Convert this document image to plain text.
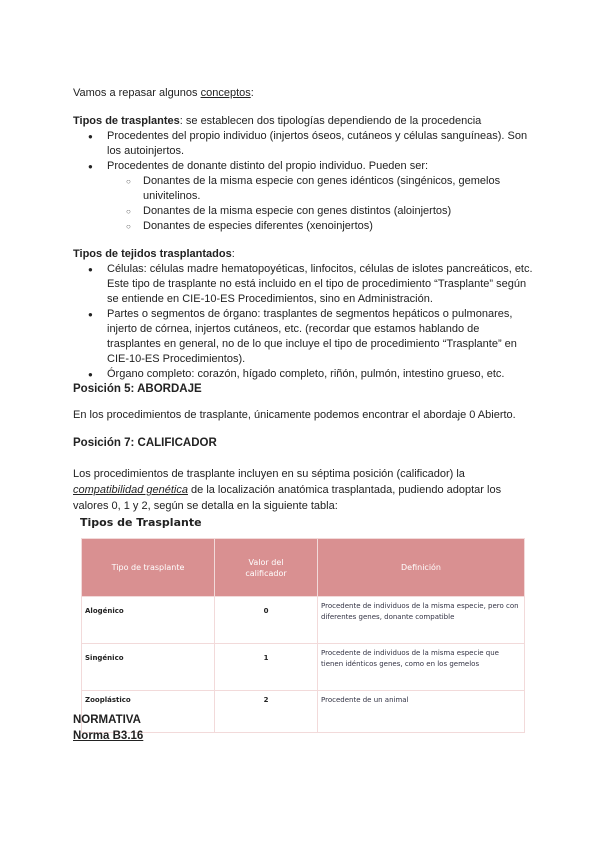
Vamos a repasar algunos conceptos:

Tipos de trasplantes: se establecen dos tipologías dependiendo de la procedencia

● Procedentes del propio individuo (injertos óseos, cutáneos y células sanguíneas). Son los autoinjertos.
● Procedentes de donante distinto del propio individuo. Pueden ser:
○ Donantes de la misma especie con genes idénticos (singénicos, gemelos univitelinos.
○ Donantes de la misma especie con genes distintos (aloinjertos)
○ Donantes de especies diferentes (xenoinjertos)

Tipos de tejidos trasplantados:

● Células: células madre hematopoyéticas, linfocitos, células de islotes pancreáticos, etc. Este tipo de trasplante no está incluido en el tipo de procedimiento “Trasplante” según se entiende en CIE-10-ES Procedimientos, sino en Administración.
● Partes o segmentos de órgano: trasplantes de segmentos hepáticos o pulmonares, injerto de córnea, injertos cutáneos, etc. (recordar que estamos hablando de trasplantes en general, no de lo que incluye el tipo de procedimiento “Trasplante” en CIE-10-ES Procedimientos).
● Órgano completo: corazón, hígado completo, riñón, pulmón, intestino grueso, etc.

Posición 5: ABORDAJE

En los procedimientos de trasplante, únicamente podemos encontrar el abordaje 0 Abierto.
Posición 7: CALIFICADOR
Los procedimientos de trasplante incluyen en su séptima posición (calificador) la compatibilidad genética de la localización anatómica trasplantada, pudiendo adoptar los valores 0, 1 y 2, según se detalla en la siguiente tabla:
Tipos de Trasplante
Tipo de trasplante	Valor del calificador	Definición
Alogénico	0	Procedente de individuos de la misma especie, pero con diferentes genes, donante compatible
Singénico	1	Procedente de individuos de la misma especie que tienen idénticos genes, como en los gemelos
Zooplástico	2	Procedente de un animal
NORMATIVA
Norma B3.16
